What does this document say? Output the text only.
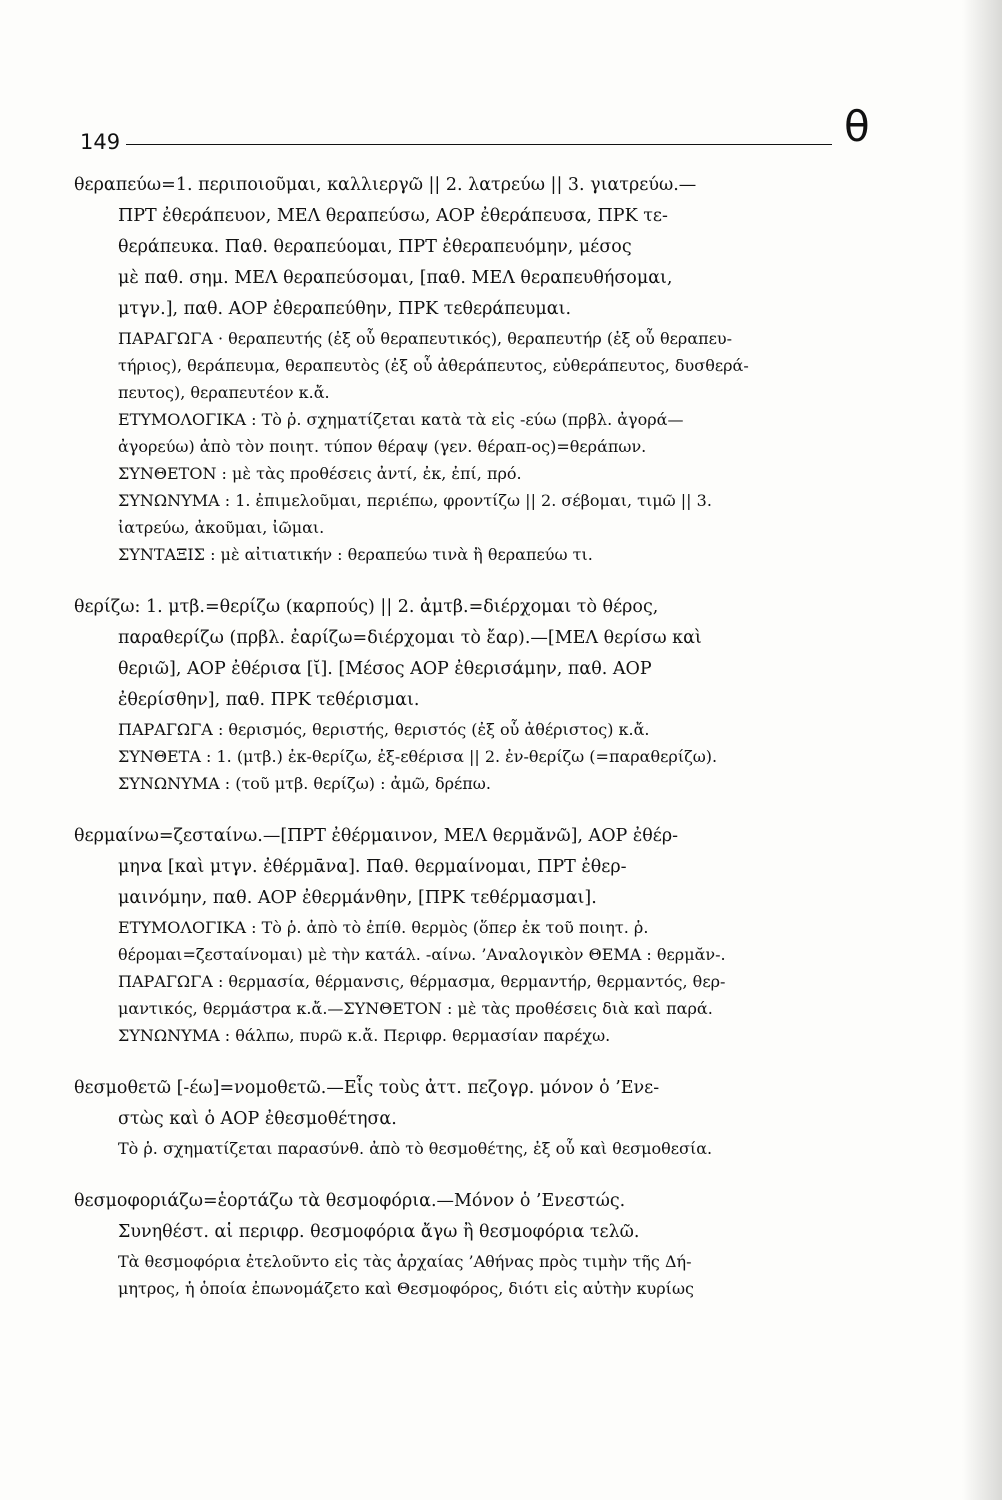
149	θ
θεραπεύω=1. περιποιοῦμαι, καλλιεργῶ || 2. λατρεύω || 3. γιατρεύω.—
ΠΡΤ ἐθεράπευον, ΜΕΛ θεραπεύσω, ΑΟΡ ἐθεράπευσα, ΠΡΚ τε-
θεράπευκα. Παθ. θεραπεύομαι, ΠΡΤ ἐθεραπευόμην, μέσος
μὲ παθ. σημ. ΜΕΛ θεραπεύσομαι, [παθ. ΜΕΛ θεραπευθήσομαι,
μτγν.], παθ. ΑΟΡ ἐθεραπεύθην, ΠΡΚ τεθεράπευμαι.
ΠΑΡΑΓΩΓΑ · θεραπευτής (ἐξ οὗ θεραπευτικός), θεραπευτήρ (ἐξ οὗ θεραπευ-
τήριος), θεράπευμα, θεραπευτὸς (ἐξ οὗ ἀθεράπευτος, εὐθεράπευτος, δυσθερά-
πευτος), θεραπευτέον κ.ἄ.
ΕΤΥΜΟΛΟΓΙΚΑ : Τὸ ῥ. σχηματίζεται κατὰ τὰ εἰς -εύω (πρβλ. ἀγορά—
ἀγορεύω) ἀπὸ τὸν ποιητ. τύπον θέραψ (γεν. θέραπ-ος)=θεράπων.
ΣΥΝΘΕΤΟΝ : μὲ τὰς προθέσεις ἀντί, ἐκ, ἐπί, πρό.
ΣΥΝΩΝΥΜΑ : 1. ἐπιμελοῦμαι, περιέπω, φροντίζω || 2. σέβομαι, τιμῶ || 3.
ἰατρεύω, ἀκοῦμαι, ἰῶμαι.
ΣΥΝΤΑΞΙΣ : μὲ αἰτιατικήν : θεραπεύω τινὰ ἢ θεραπεύω τι.
θερίζω: 1. μτβ.=θερίζω (καρπούς) || 2. ἀμτβ.=διέρχομαι τὸ θέρος,
παραθερίζω (πρβλ. ἐαρίζω=διέρχομαι τὸ ἔαρ).—[ΜΕΛ θερίσω καὶ
θεριῶ], ΑΟΡ ἐθέρισα [ῐ]. [Μέσος ΑΟΡ ἐθερισάμην, παθ. ΑΟΡ
ἐθερίσθην], παθ. ΠΡΚ τεθέρισμαι.
ΠΑΡΑΓΩΓΑ : θερισμός, θεριστής, θεριστός (ἐξ οὗ ἀθέριστος) κ.ἄ.
ΣΥΝΘΕΤΑ : 1. (μτβ.) ἐκ-θερίζω, ἐξ-εθέρισα || 2. ἐν-θερίζω (=παραθερίζω).
ΣΥΝΩΝΥΜΑ : (τοῦ μτβ. θερίζω) : ἀμῶ, δρέπω.
θερμαίνω=ζεσταίνω.—[ΠΡΤ ἐθέρμαινον, ΜΕΛ θερμᾰνῶ], ΑΟΡ ἐθέρ-
μηνα [καὶ μτγν. ἐθέρμᾱνα]. Παθ. θερμαίνομαι, ΠΡΤ ἐθερ-
μαινόμην, παθ. ΑΟΡ ἐθερμάνθην, [ΠΡΚ τεθέρμασμαι].
ΕΤΥΜΟΛΟΓΙΚΑ : Τὸ ῥ. ἀπὸ τὸ ἐπίθ. θερμὸς (ὅπερ ἐκ τοῦ ποιητ. ῥ.
θέρομαι=ζεσταίνομαι) μὲ τὴν κατάλ. -αίνω. ’Αναλογικὸν ΘΕΜΑ : θερμᾰν-.
ΠΑΡΑΓΩΓΑ : θερμασία, θέρμανσις, θέρμασμα, θερμαντήρ, θερμαντός, θερ-
μαντικός, θερμάστρα κ.ἄ.—ΣΥΝΘΕΤΟΝ : μὲ τὰς προθέσεις διὰ καὶ παρά.
ΣΥΝΩΝΥΜΑ : θάλπω, πυρῶ κ.ἄ. Περιφρ. θερμασίαν παρέχω.
θεσμοθετῶ [-έω]=νομοθετῶ.—Εἷς τοὺς ἀττ. πεζογρ. μόνον ὁ ’Ενε-
στὼς καὶ ὁ ΑΟΡ ἐθεσμοθέτησα.
Τὸ ῥ. σχηματίζεται παρασύνθ. ἀπὸ τὸ θεσμοθέτης, ἐξ οὗ καὶ θεσμοθεσία.
θεσμοφοριάζω=ἑορτάζω τὰ θεσμοφόρια.—Μόνον ὁ ’Ενεστώς.
Συνηθέστ. αἱ περιφρ. θεσμοφόρια ἄγω ἢ θεσμοφόρια τελῶ.
Τὰ θεσμοφόρια ἐτελοῦντο εἰς τὰς ἀρχαίας ’Αθήνας πρὸς τιμὴν τῆς Δή-
μητρος, ἡ ὁποία ἐπωνομάζετο καὶ Θεσμοφόρος, διότι εἰς αὐτὴν κυρίως
